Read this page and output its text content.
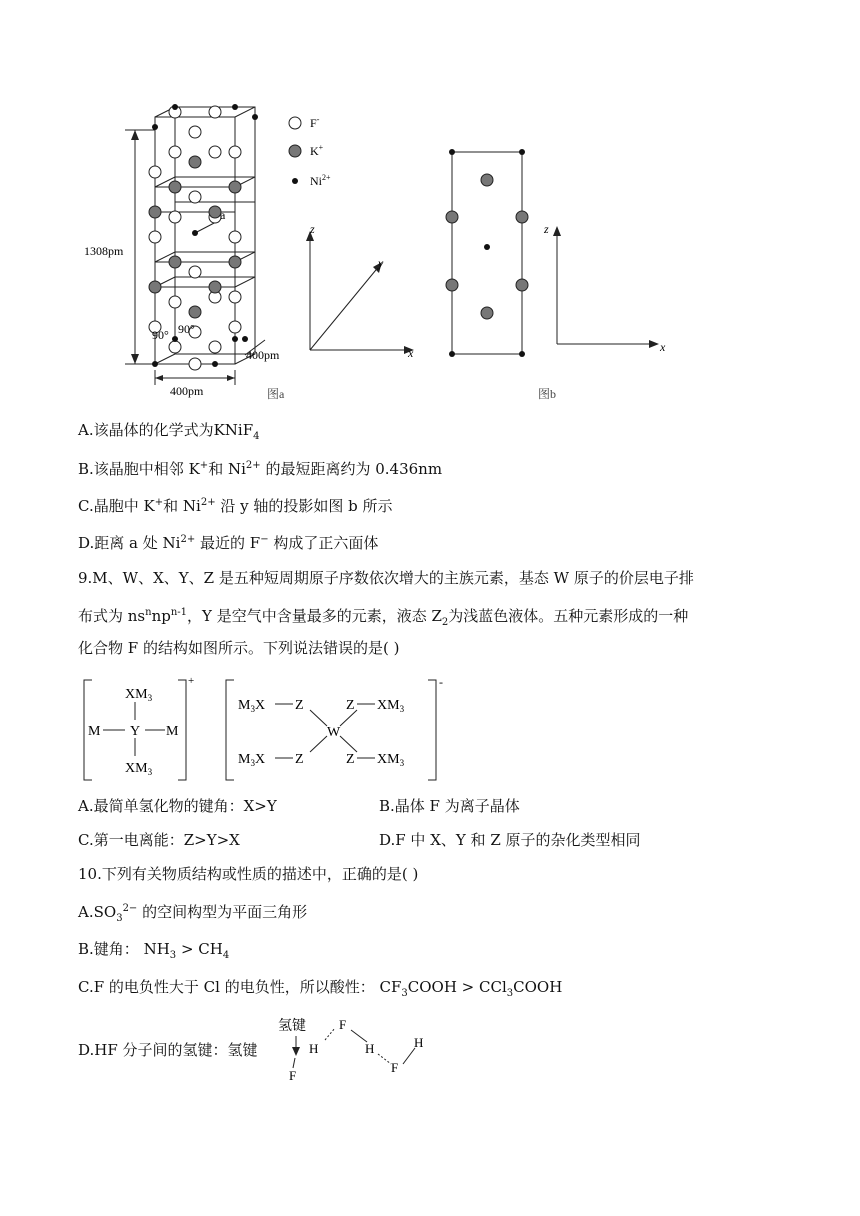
1308pm
400pm
400pm
90° 90°
a
z
y
x
F-
K+
$Ni^{2+}$
图a
z
x
图b
A.该晶体的化学式为KNiF$_4$
B.该晶胞中相邻 K+和 $Ni^{2+}$ 的最短距离约为 0.436nm
C.晶胞中 K+和 $Ni^{2+}$ 沿 y 轴的投影如图 b 所示
D.距离 a 处 $Ni^{2+}$ 最近的 F− 构成了正六面体
9.M、W、X、Y、Z 是五种短周期原子序数依次增大的主族元素，基态 W 原子的价层电子排
布式为 $ns^nnp^{n-1}$，Y 是空气中含量最多的元素，液态 $Z_2$为浅蓝色液体。五种元素形成的一种
化合物 F 的结构如图所示。下列说法错误的是( )
$XM_3$
Y
$XM_3$
M	M
$M_3X$
$M_3X$
Z
Z
W
Z
Z
$XM_3$
$XM_3$
+	-
A.最简单氢化物的键角：X>Y	B.晶体 F 为离子晶体
C.第一电离能：Z>Y>X	D.F 中 X、Y 和 Z 原子的杂化类型相同
10.下列有关物质结构或性质的描述中，正确的是( )
$A.SO_3^{2-}$ 的空间构型为平面三角形
B.键角： $NH_3 > CH_4$
C.F 的电负性大于 Cl 的电负性，所以酸性： $CF_3COOH$ > CCl$_3$COOH
D.HF 分子间的氢键：氢键
氢键
H
F
F
H
F
H
